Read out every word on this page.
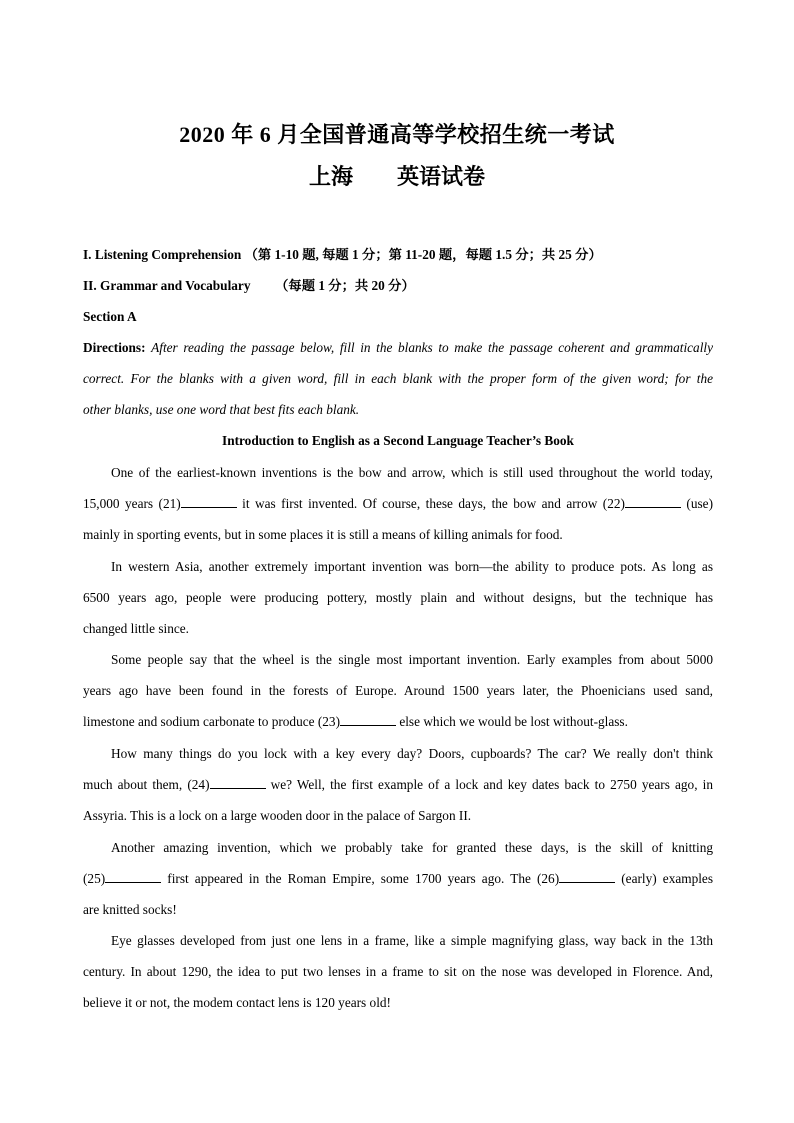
2020 年 6 月全国普通高等学校招生统一考试
上海 英语试卷
I. Listening Comprehension （第 1-10 题, 每题 1 分；第 11-20 题，每题 1.5 分；共 25 分）
II. Grammar and Vocabulary （每题 1 分；共 20 分）
Section A
Directions: After reading the passage below, fill in the blanks to make the passage coherent and grammatically
correct. For the blanks with a given word, fill in each blank with the proper form of the given word; for the
other blanks, use one word that best fits each blank.
Introduction to English as a Second Language Teacher’s Book
One of the earliest-known inventions is the bow and arrow, which is still used throughout the world today,
15,000 years (21)	it was first invented. Of course, these days, the bow and arrow (22)	(use)
mainly in sporting events, but in some places it is still a means of killing animals for food.
In western Asia, another extremely important invention was born—the ability to produce pots. As long as
6500 years ago, people were producing pottery, mostly plain and without designs, but the technique has
changed little since.
Some people say that the wheel is the single most important invention. Early examples from about 5000
years ago have been found in the forests of Europe. Around 1500 years later, the Phoenicians used sand,
limestone and sodium carbonate to produce (23)	else which we would be lost without-glass.
How many things do you lock with a key every day? Doors, cupboards? The car? We really don't think
much about them, (24)	we? Well, the first example of a lock and key dates back to 2750 years ago, in
Assyria. This is a lock on a large wooden door in the palace of Sargon II.
Another amazing invention, which we probably take for granted these days, is the skill of knitting
(25)	first appeared in the Roman Empire, some 1700 years ago. The (26)	(early) examples
are knitted socks!
Eye glasses developed from just one lens in a frame, like a simple magnifying glass, way back in the 13th
century. In about 1290, the idea to put two lenses in a frame to sit on the nose was developed in Florence. And,
believe it or not, the modem contact lens is 120 years old!
